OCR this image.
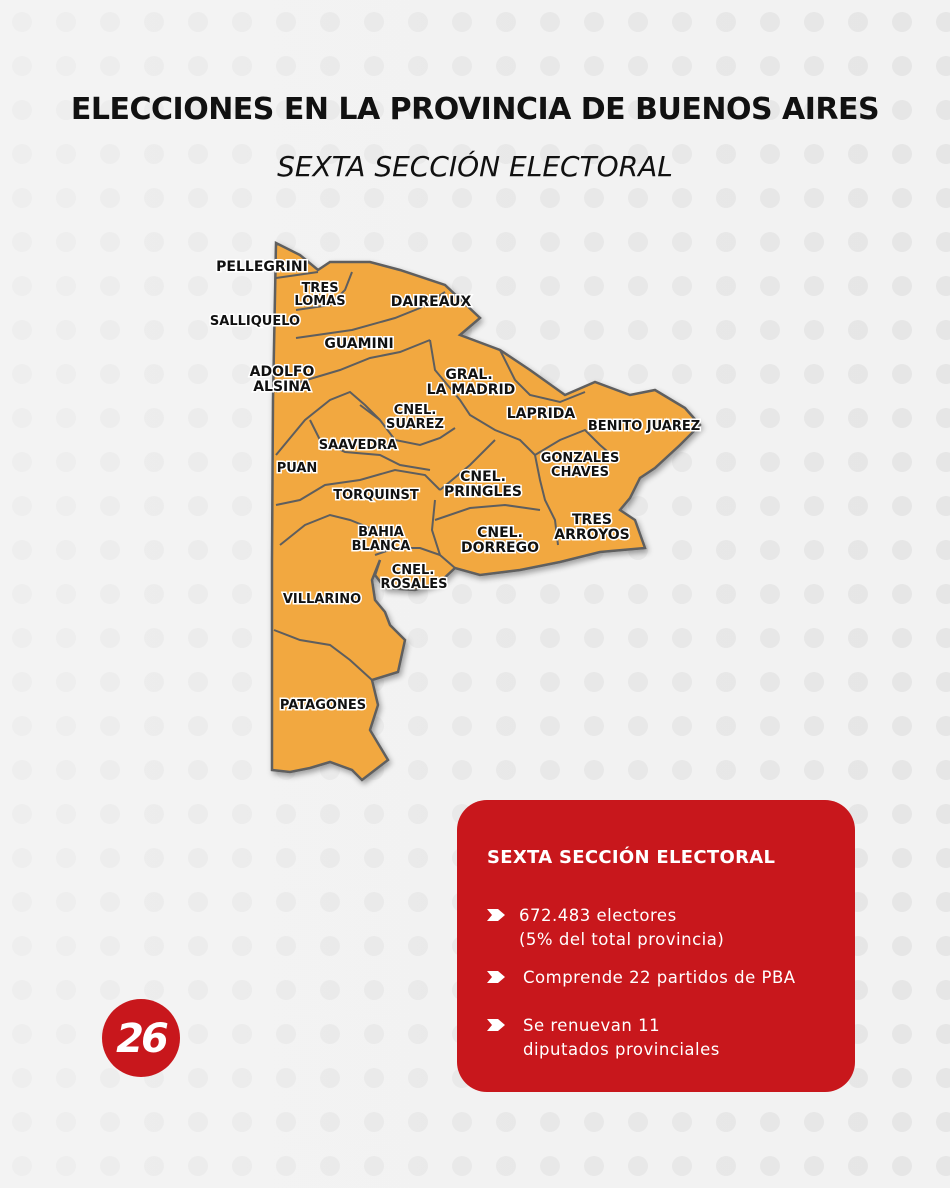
ELECCIONES EN LA PROVINCIA DE BUENOS AIRES
SEXTA SECCIÓN ELECTORAL
PELLEGRINI
TRES
LOMAS	DAIREAUX
SALLIQUELO
GUAMINI
ADOLFO
ALSINA
GRAL.
LA MADRID
LAPRIDA
CNEL.
SUAREZ	BENITO JUAREZ
SAAVEDRA
GONZALES
CHAVES
PUAN
CNEL.
PRINGLES
TORQUINST
TRES
ARROYOS
BAHIA
BLANCA
CNEL.
DORREGO
CNEL.
ROSALES
VILLARINO
PATAGONES
SEXTA SECCIÓN ELECTORAL
672.483 electores
(5% del total provincia)
Comprende 22 partidos de PBA
Se renuevan 11
diputados provinciales
26
